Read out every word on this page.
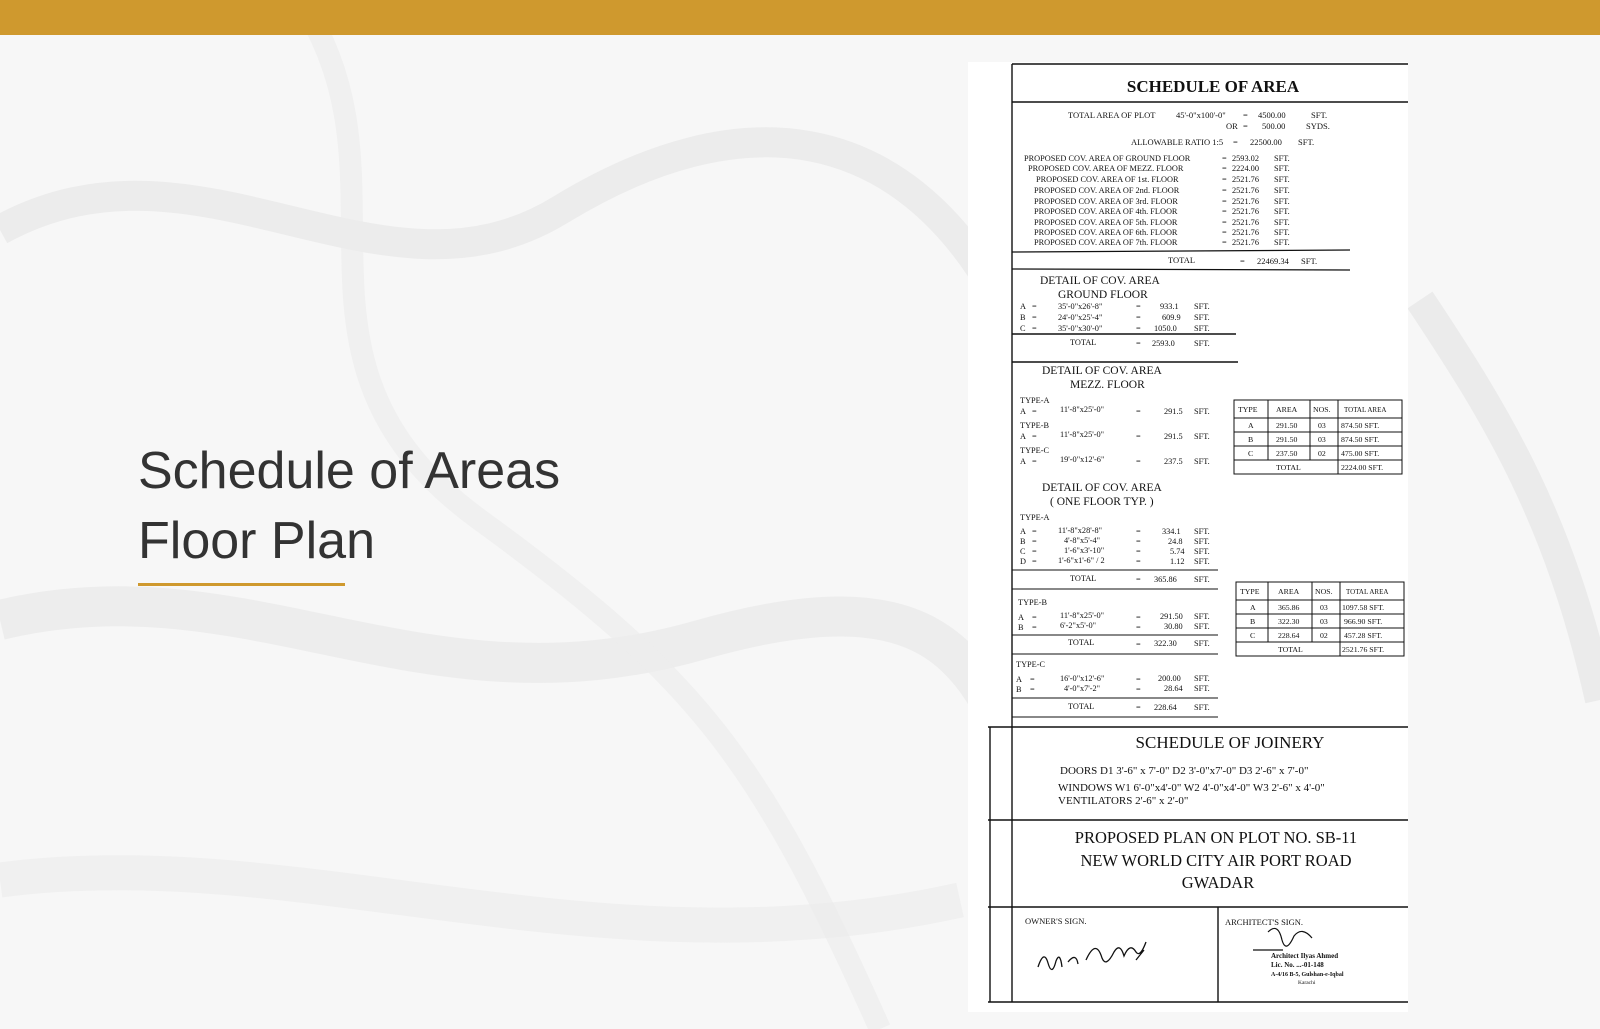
Schedule of Areas
Floor Plan
SCHEDULE OF AREA
TOTAL AREA OF PLOT 45'-0"x100'-0" = 4500.00	SFT.
OR = 500.00 SYDS.
ALLOWABLE RATIO 1:5 = 22500.00 SFT.
PROPOSED COV. AREA OF GROUND FLOOR	= 2593.02 SFT.
PROPOSED COV. AREA OF MEZZ. FLOOR	= 2224.00 SFT.
PROPOSED COV. AREA OF 1st. FLOOR	= 2521.76 SFT.
PROPOSED COV. AREA OF 2nd. FLOOR	= 2521.76 SFT.
PROPOSED COV. AREA OF 3rd. FLOOR	= 2521.76 SFT.
PROPOSED COV. AREA OF 4th. FLOOR	= 2521.76 SFT.
PROPOSED COV. AREA OF 5th. FLOOR	= 2521.76 SFT.
PROPOSED COV. AREA OF 6th. FLOOR	= 2521.76 SFT.
PROPOSED COV. AREA OF 7th. FLOOR	= 2521.76 SFT.
TOTAL	= 22469.34 SFT.
DETAIL OF COV. AREA
GROUND FLOOR
A =	35'-0"x26'-8"	= 933.1 SFT.
B =	24'-0"x25'-4"	=	609.9 SFT.
C =	35'-0"x30'-0"	= 1050.0 SFT.
TOTAL	= 2593.0 SFT.
DETAIL OF COV. AREA
MEZZ. FLOOR
TYPE-A
A =	11'-8"x25'-0"	=	291.5 SFT.
TYPE-B
A =	11'-8"x25'-0"	=	291.5 SFT.
TYPE-C
A =	19'-0"x12'-6"	=	237.5 SFT.
TYPE AREA NOS. TOTAL AREA
A	291.50	03 874.50 SFT.
B	291.50	03 874.50 SFT.
C	237.50	02 475.00 SFT.
TOTAL	2224.00 SFT.
DETAIL OF COV. AREA
( ONE FLOOR TYP. )
TYPE-A
A =	11'-8"x28'-8"	=	334.1 SFT.
B =	4'-8"x5'-4"	=	24.8 SFT.
C =	1'-6"x3'-10"	=	5.74 SFT.
D =	1'-6"x1'-6" / 2	=	1.12 SFT.
TOTAL	= 365.86 SFT.
TYPE-B
A =	11'-8"x25'-0"	= 291.50 SFT.
B =	6'-2"x5'-0"	=	30.80 SFT.
TOTAL	= 322.30 SFT.
TYPE-C
A =	16'-0"x12'-6"	= 200.00 SFT.
B =	4'-0"x7'-2"	=	28.64 SFT.
TOTAL	= 228.64 SFT.
TYPE AREA NOS. TOTAL AREA
A	365.86	03 1097.58 SFT.
B	322.30	03 966.90 SFT.
C	228.64	02 457.28 SFT.
TOTAL	2521.76 SFT.
SCHEDULE OF JOINERY
DOORS D1 3'-6" x 7'-0" D2 3'-0"x7'-0" D3 2'-6" x 7'-0"
WINDOWS W1 6'-0"x4'-0" W2 4'-0"x4'-0" W3 2'-6" x 4'-0"
VENTILATORS 2'-6" x 2'-0"
PROPOSED PLAN ON PLOT NO. SB-11
NEW WORLD CITY AIR PORT ROAD
GWADAR
OWNER'S SIGN.	ARCHITECT'S SIGN.
Architect Ilyas Ahmed
Lic. No. ...-01-148
A-4/16 B-5, Gulshan-e-Iqbal
Karachi
